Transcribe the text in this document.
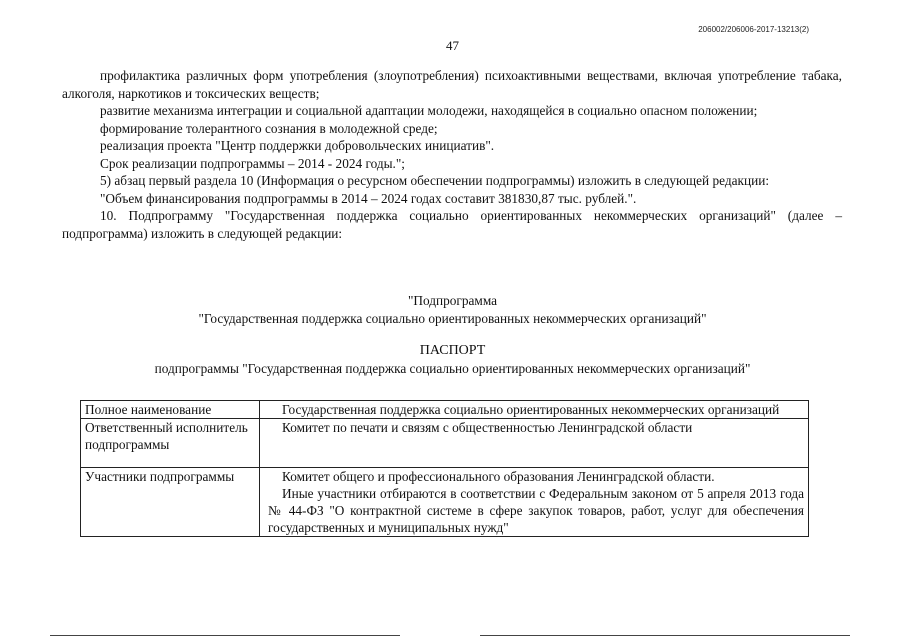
206002/206006-2017-13213(2)
47

профилактика различных форм употребления (злоупотребления) психоактивными веществами, включая употребление табака, алкоголя, наркотиков и токсических веществ;

развитие механизма интеграции и социальной адаптации молодежи, находящейся в социально опасном положении;

формирование толерантного сознания в молодежной среде;

реализация проекта "Центр поддержки добровольческих инициатив".

Срок реализации подпрограммы – 2014 - 2024 годы.";

5) абзац первый раздела 10 (Информация о ресурсном обеспечении подпрограммы) изложить в следующей редакции:

"Объем финансирования подпрограммы в 2014 – 2024 годах составит 381830,87 тыс. рублей.".

10. Подпрограмму "Государственная поддержка социально ориентированных некоммерческих организаций" (далее – подпрограмма) изложить в следующей редакции:

"Подпрограмма

"Государственная поддержка социально ориентированных некоммерческих организаций"

ПАСПОРТ

подпрограммы "Государственная поддержка социально ориентированных некоммерческих организаций"

Полное наименование	Государственная поддержка социально ориентированных некоммерческих организаций

Ответственный исполнитель подпрограммы	Комитет по печати и связям с общественностью Ленинградской области

Участники подпрограммы	Комитет общего и профессионального образования Ленинградской области.

Иные участники отбираются в соответствии с Федеральным законом от 5 апреля 2013 года № 44-ФЗ "О контрактной системе в сфере закупок товаров, работ, услуг для обеспечения государственных и муниципальных нужд"
